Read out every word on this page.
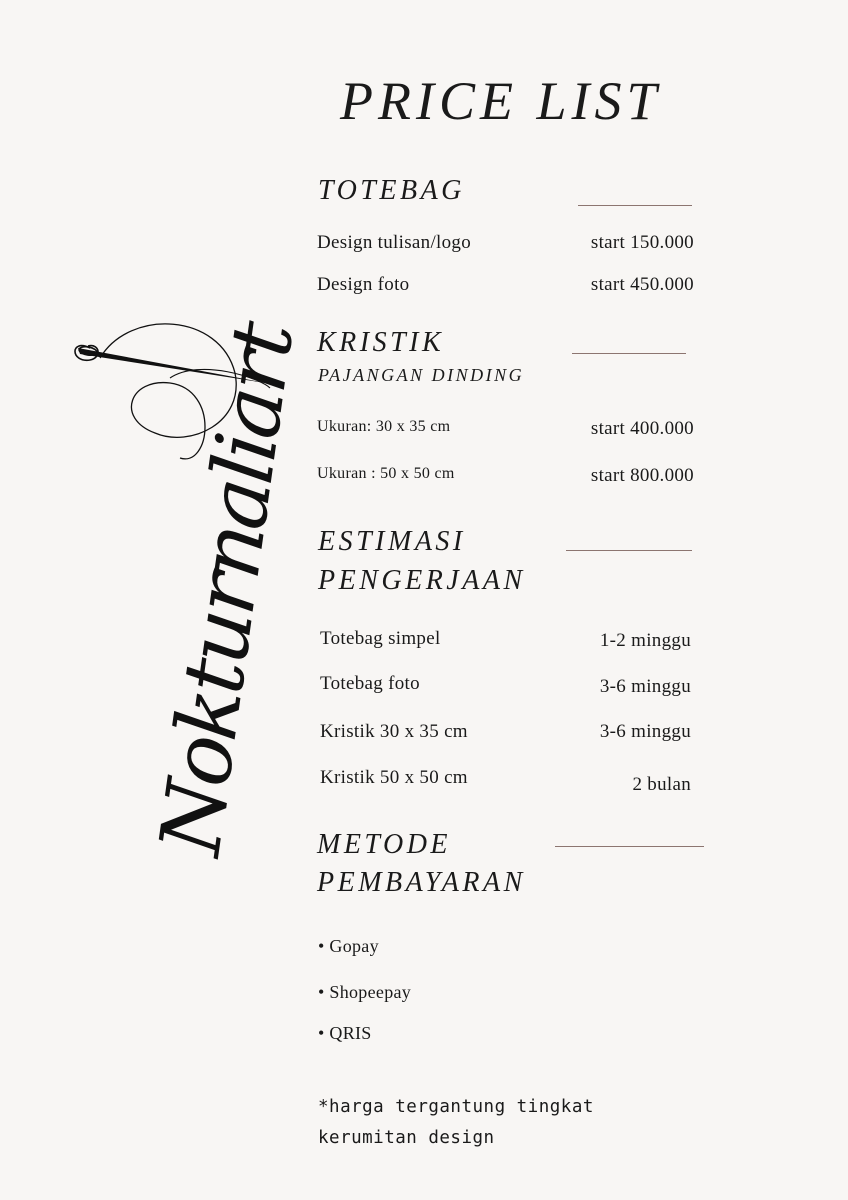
Nokturnaliart
PRICE LIST
TOTEBAG
Design tulisan/logo	start 150.000
Design foto	start 450.000
KRISTIK
PAJANGAN DINDING
Ukuran: 30 x 35 cm	start 400.000
Ukuran : 50 x 50 cm	start 800.000
ESTIMASI
PENGERJAAN
Totebag simpel	1-2 minggu
Totebag foto	3-6 minggu
Kristik 30 x 35 cm	3-6 minggu
Kristik 50 x 50 cm	2 bulan
METODE
PEMBAYARAN
• Gopay
• Shopeepay
• QRIS
*harga tergantung tingkat
kerumitan design
